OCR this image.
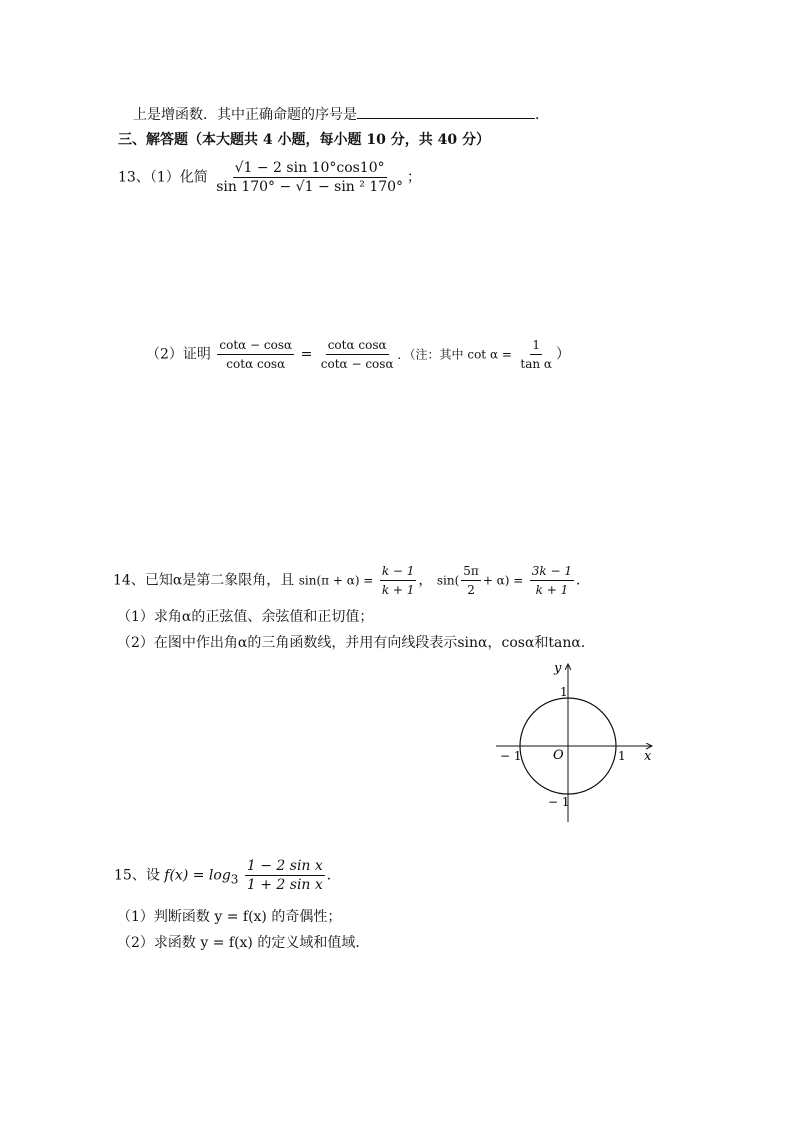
上是增函数．其中正确命题的序号是	．
三、解答题（本大题共 4 小题，每小题 10 分，共 40 分）
13、（1）化简 $\frac{√1 - 2 \sin 10^\circ\cos 10^\circ}{\text{sin 170° − √1 − sin ² 170°}}$ ；
（2）证明 $\frac{\cot\alpha - \cos\alpha}{\text{cotα cosα}} = \frac{\text{cotα cosα}}{\cot\alpha - \cos\alpha}$ ．（注：其中 $\cot \alpha = \frac{1}{\text{tan α}}$ ）
14、已知α是第二象限角，且 $\sin(\pi + \alpha) = \frac{k - 1}{k + 1}$ ， $\sin( \frac{5\pi}{2} + \alpha) = \frac{3k - 1}{k + 1}$ ．
（1）求角α的正弦值、余弦值和正切值；
（2）在图中作出角α的三角函数线，并用有向线段表示sinα，cosα和tanα．
y
x
O	1
− 1
1
− 1
15、设 $f(x) = \log_3 \frac{\text{1 − 2 sin x}}{\text{1 + 2 sin x}}$ ．
（1）判断函数 y = f(x) 的奇偶性；
（2）求函数 y = f(x) 的定义域和值域．
